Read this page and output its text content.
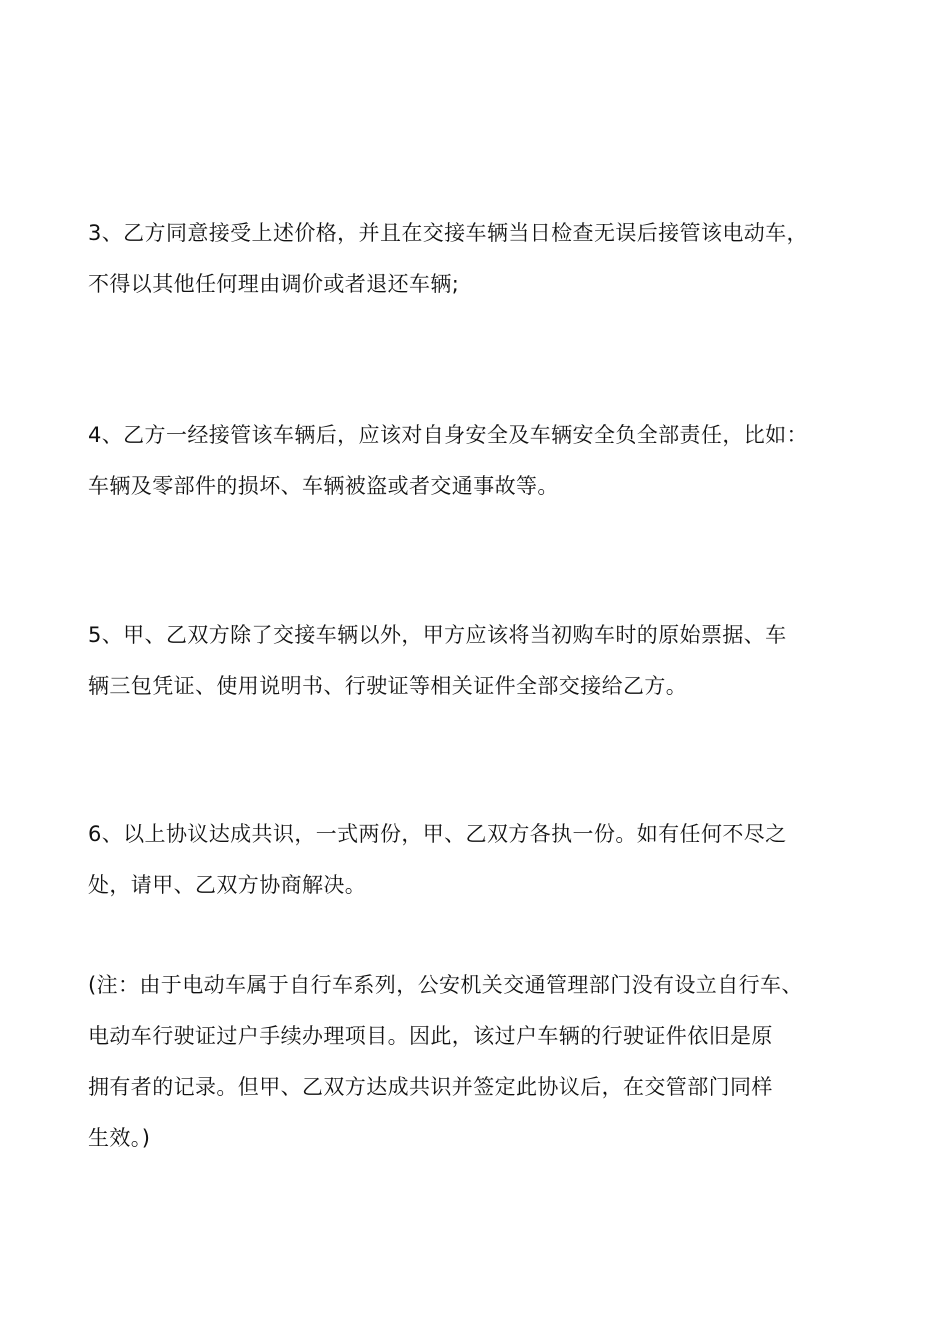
3、乙方同意接受上述价格，并且在交接车辆当日检查无误后接管该电动车，
不得以其他任何理由调价或者退还车辆;

4、乙方一经接管该车辆后，应该对自身安全及车辆安全负全部责任，比如：
车辆及零部件的损坏、车辆被盗或者交通事故等。

5、甲、乙双方除了交接车辆以外，甲方应该将当初购车时的原始票据、车
辆三包凭证、使用说明书、行驶证等相关证件全部交接给乙方。

6、以上协议达成共识，一式两份，甲、乙双方各执一份。如有任何不尽之
处，请甲、乙双方协商解决。

(注：由于电动车属于自行车系列，公安机关交通管理部门没有设立自行车、
电动车行驶证过户手续办理项目。因此，该过户车辆的行驶证件依旧是原
拥有者的记录。但甲、乙双方达成共识并签定此协议后，在交管部门同样
生效。)
